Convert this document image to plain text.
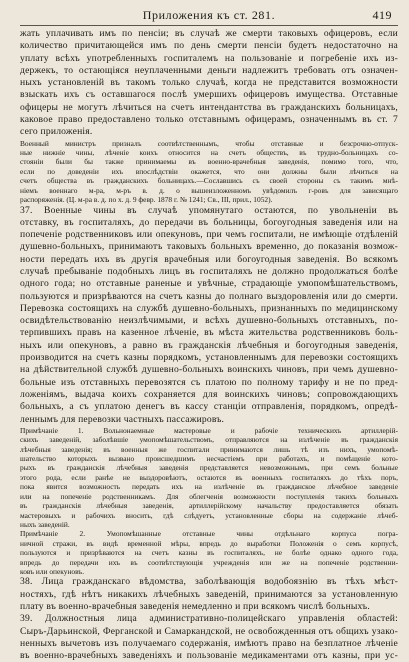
Приложения къ ст. 281.	419

жать уплачивать имъ по пенсіи; въ случаѣ же смерти таковыхъ офицеровъ, если

количество причитающейся имъ по день смерти пенсіи будетъ недостаточно на

уплату всѣхъ употребленныхъ госпиталемъ на пользованіе и погребеніе ихъ из-

держекъ, то остающіяся неуплаченными деньги надлежитъ требовать отъ означен-

ныхъ установленій въ такомъ только случаѣ, когда не представится возможности

взыскать ихъ съ оставшагося послѣ умершихъ офицеровъ имущества. Отставные

офицеры не могутъ лѣчиться на счетъ интендантства въ гражданскихъ больницахъ,

каковое право предоставлено только отставнымъ офицерамъ, означеннымъ въ ст. 7

сего приложенія.

Военный министръ призналъ соотвѣтственнымъ, чтобы отставные и безсрочно-отпуск-

ные нижніе чины, лѣченіе коихъ относится на счетъ обществъ, въ трудно-больницахъ со-

стояніи были бы также принимаемы въ военно-врачебныя заведенія, помимо того, что,

если по доведеніи ихъ впослѣдствіи окажется, что они должны были лѣчиться на

счетъ общества въ гражданскихъ больницахъ.—Сославшись съ своей стороны съ такимъ мнѣ-

ніемъ военнаго м-ра, м-ръ в. д. о вышеизложенномъ увѣдомилъ г-ровъ для зависящаго

распоряженія. (Ц. м-ра в. д. по х. д. 9 февр. 1878 г. № 1241; Св., III, прил., 1052).

37. Военные чины въ случаѣ упомянутаго остаются, по увольненіи въ

отставку, въ госпиталяхъ, до передачи въ больницы, богоугодныя заведенія или на

попеченіе родственниковъ или опекуновъ, при чемъ госпитали, не имѣющіе отдѣленій

душевно-больныхъ, принимаютъ таковыхъ больныхъ временно, до показанія возмож-

ности передать ихъ въ другія врачебныя или богоугодныя заведенія. Во всякомъ

случаѣ пребываніе подобныхъ лицъ въ госпиталяхъ не должно продолжаться болѣе

одного года; но отставные раненые и увѣчные, страдающіе умопомѣшательствомъ,

пользуются и призрѣваются на счетъ казны до полнаго выздоровленія или до смерти.

Перевозка состоящихъ на службѣ душевно-больныхъ, признанныхъ по медицинскому

освидѣтельствованію неизлѣчимыми, и всѣхъ душевно-больныхъ отставныхъ, по-

терпившихъ правъ на казенное лѣченіе, въ мѣста жительства родственниковъ боль-

ныхъ или опекуновъ, а равно въ гражданскія лѣчебныя и богоугодныя заведенія,

производится на счетъ казны порядкомъ, установленнымъ для перевозки состоящихъ

на дѣйствительной службѣ душевно-больныхъ воинскихъ чиновъ, при чемъ душевно-

больные изъ отставныхъ перевозятся съ платою по полному тарифу и не по пред-

ложеніямъ, выдача коихъ сохраняется для воинскихъ чиновъ; сопровождающихъ

больныхъ, а съ уплатою денегъ въ кассу станціи отправленія, порядкомъ, опредѣ-

леннымъ для перевозки частныхъ пассажировъ.

Примѣчаніе 1. Вольнонаемные мастеровые и рабочіе техническихъ артиллерій-

скихъ заведеній, заболѣвшіе умопомѣшательствомъ, отправляются на излѣченіе въ гражданскія

лѣчебныя заведенія; въ военныя же госпитали принимаются лишь тѣ изъ нихъ, умопомѣ-

шательство которыхъ вызвано происшедшимъ несчастіемъ при работахъ, и помѣщеніе кото-

рыхъ въ гражданскія лѣчебныя заведенія представляется невозможнымъ, при семъ больные

этого рода, если ранѣе не выздоровѣютъ, остаются въ военныхъ госпиталяхъ до тѣхъ поръ,

пока явится возможность передать ихъ на излѣченіе въ гражданское лѣчебное заведеніе

или на попеченіе родственникамъ. Для облегченія возможности поступленія такихъ больныхъ

въ гражданскія лѣчебныя заведенія, артиллерійскому начальству предоставляется обязать

мастеровыхъ и рабочихъ вносить, гдѣ слѣдуетъ, установленные сборы на содержаніе лѣчеб-

ныхъ заведеній.

Примѣчаніе 2. Умопомѣшанные отставные чины отдѣльнаго корпуса погра-

ничной стражи, въ видѣ временной мѣры, впредь до выработки Положенія о семъ корпусѣ,

пользуются и призрѣваются на счетъ казны въ госпиталяхъ, не болѣе однако одного года,

впредь до передачи ихъ въ соотвѣтствующія учрежденія или же на попеченіе родственни-

ковъ или опекуновъ.

38. Лица гражданскаго вѣдомства, заболѣвающія водобоязнію въ тѣхъ мѣст-

ностяхъ, гдѣ нѣтъ никакихъ лѣчебныхъ заведеній, принимаются за установленную

плату въ военно-врачебныя заведенія немедленно и при всякомъ числѣ больныхъ.

39. Должностныя лица административно-полицейскаго управленія областей:

Сыръ-Дарьинской, Ферганской и Самаркандской, не освобожденныя отъ общихъ узако-

ненныхъ вычетовъ изъ получаемаго содержанія, имѣютъ право на безплатное лѣченіе

въ военно-врачебныхъ заведеніяхъ и пользованіе медикаментами отъ казны, при ус-
